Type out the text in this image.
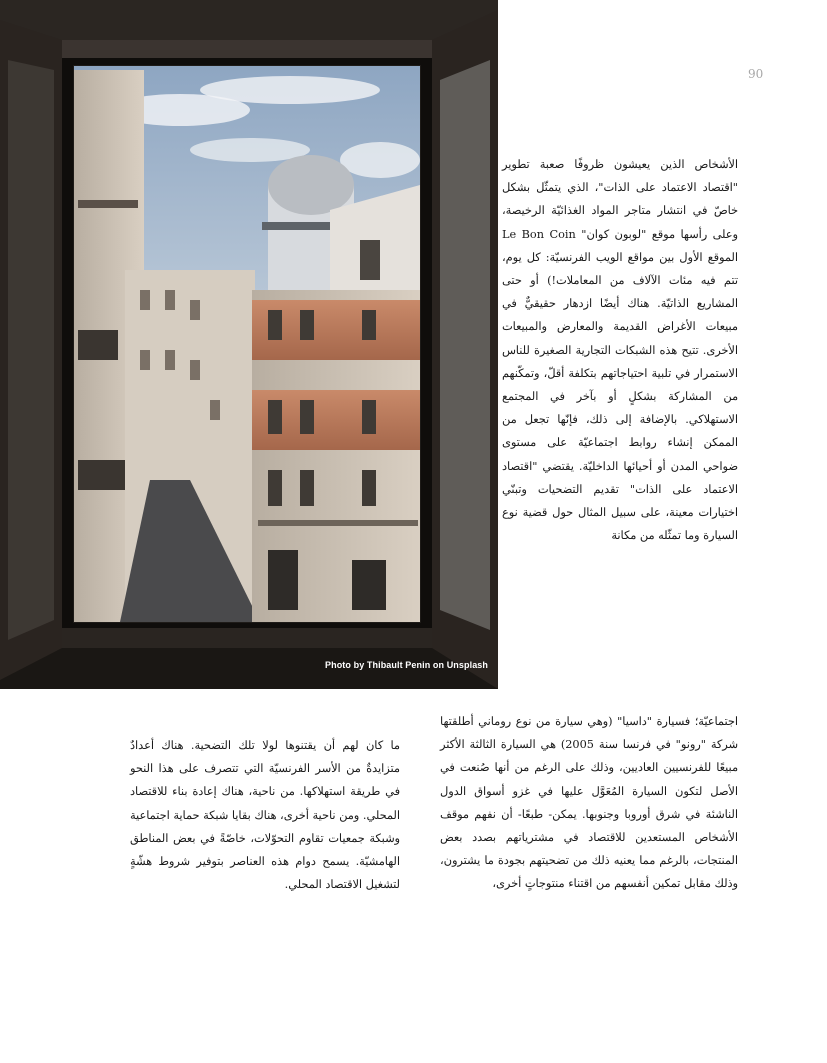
Photo by Thibault Penin on Unsplash
90

الأشخاص الذين يعيشون ظروفًا صعبة تطوير "اقتصاد الاعتماد على الذات"، الذي يتمثّل بشكل خاصّ في انتشار متاجر المواد الغذائيّة الرخيصة، وعلى رأسها موقع "لوبون كوان" Le Bon Coin الموقع الأول بين مواقع الويب الفرنسيّة: كل يوم، تتم فيه مئات الآلاف من المعاملات!) أو حتى المشاريع الذاتيّة. هناك أيضًا ازدهار حقيقيٌّ في مبيعات الأغراض القديمة والمعارض والمبيعات الأخرى. تتيح هذه الشبكات التجارية الصغيرة للناس الاستمرار في تلبية احتياجاتهم بتكلفة أقلّ، وتمكّنهم من المشاركة بشكلٍ أو بآخر في المجتمع الاستهلاكي. بالإضافة إلى ذلك، فإنّها تجعل من الممكن إنشاء روابط اجتماعيّة على مستوى ضواحي المدن أو أحيائها الداخليّة. يقتضي "اقتصاد الاعتماد على الذات" تقديم التضحيات وتبنّي اختيارات معينة، على سبيل المثال حول قضية نوع السيارة وما تمثّله من مكانة

اجتماعيّة؛ فسيارة "داسيا" (وهي سيارة من نوع روماني أطلقتها شركة "رونو" في فرنسا سنة 2005) هي السيارة الثالثة الأكثر مبيعًا للفرنسيين العاديين، وذلك على الرغم من أنها صُنعت في الأصل لتكون السيارة المُعَوَّل عليها في غزو أسواق الدول الناشئة في شرق أوروبا وجنوبها. يمكن- طبعًا- أن نفهم موقف الأشخاص المستعدين للاقتصاد في مشترياتهم بصدد بعض المنتجات، بالرغم مما يعنيه ذلك من تضحيتهم بجودة ما يشترون، وذلك مقابل تمكين أنفسهم من اقتناء منتوجاتٍ أخرى،

ما كان لهم أن يقتنوها لولا تلك التضحية. هناك أعدادٌ متزايدةٌ من الأسر الفرنسيّة التي تتصرف على هذا النحو في طريقة استهلاكها. من ناحية، هناك إعادة بناء للاقتصاد المحلي. ومن ناحية أخرى، هناك بقايا شبكة حماية اجتماعية وشبكة جمعيات تقاوم التحوّلات، خاصّةً في بعض المناطق الهامشيّة. يسمح دوام هذه العناصر بتوفير شروط هشّةٍ لتشغيل الاقتصاد المحلي.
